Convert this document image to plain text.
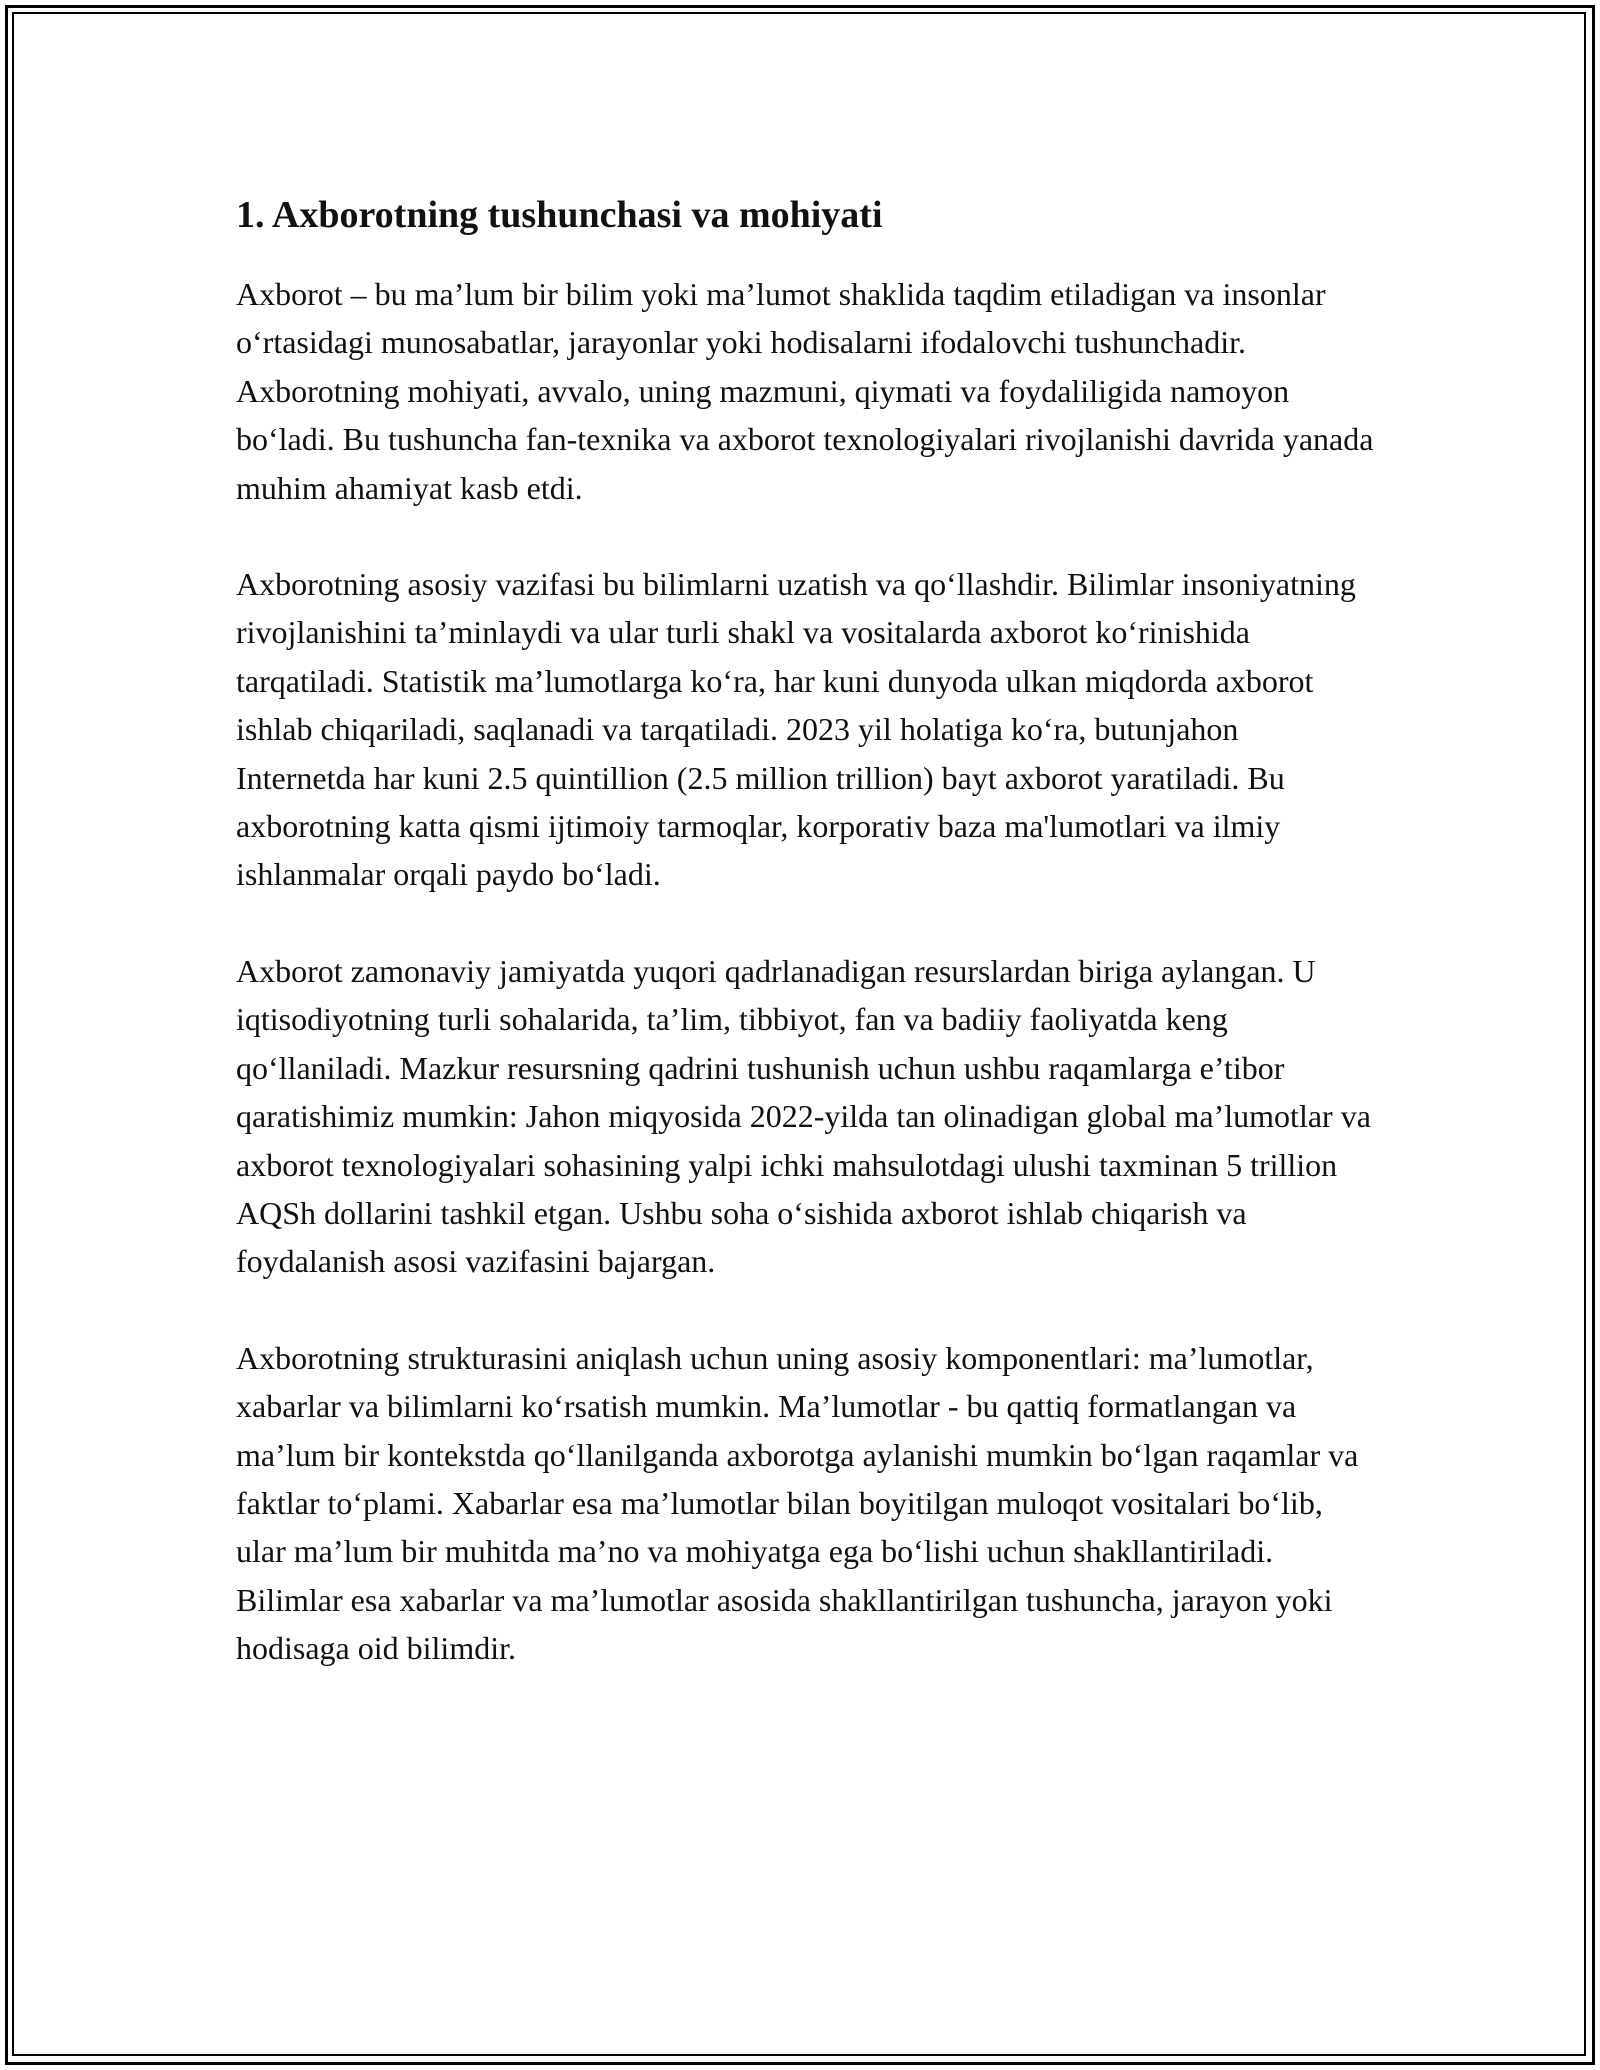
1. Axborotning tushunchasi va mohiyati

Axborot – bu ma’lum bir bilim yoki ma’lumot shaklida taqdim etiladigan va insonlar o‘rtasidagi munosabatlar, jarayonlar yoki hodisalarni ifodalovchi tushunchadir. Axborotning mohiyati, avvalo, uning mazmuni, qiymati va foydaliligida namoyon bo‘ladi. Bu tushuncha fan-texnika va axborot texnologiyalari rivojlanishi davrida yanada muhim ahamiyat kasb etdi.

Axborotning asosiy vazifasi bu bilimlarni uzatish va qo‘llashdir. Bilimlar insoniyatning rivojlanishini ta’minlaydi va ular turli shakl va vositalarda axborot ko‘rinishida tarqatiladi. Statistik ma’lumotlarga ko‘ra, har kuni dunyoda ulkan miqdorda axborot ishlab chiqariladi, saqlanadi va tarqatiladi. 2023 yil holatiga ko‘ra, butunjahon Internetda har kuni 2.5 quintillion (2.5 million trillion) bayt axborot yaratiladi. Bu axborotning katta qismi ijtimoiy tarmoqlar, korporativ baza ma'lumotlari va ilmiy ishlanmalar orqali paydo bo‘ladi.

Axborot zamonaviy jamiyatda yuqori qadrlanadigan resurslardan biriga aylangan. U iqtisodiyotning turli sohalarida, ta’lim, tibbiyot, fan va badiiy faoliyatda keng qo‘llaniladi. Mazkur resursning qadrini tushunish uchun ushbu raqamlarga e’tibor qaratishimiz mumkin: Jahon miqyosida 2022-yilda tan olinadigan global ma’lumotlar va axborot texnologiyalari sohasining yalpi ichki mahsulotdagi ulushi taxminan 5 trillion AQSh dollarini tashkil etgan. Ushbu soha o‘sishida axborot ishlab chiqarish va foydalanish asosi vazifasini bajargan.

Axborotning strukturasini aniqlash uchun uning asosiy komponentlari: ma’lumotlar, xabarlar va bilimlarni ko‘rsatish mumkin. Ma’lumotlar - bu qattiq formatlangan va ma’lum bir kontekstda qo‘llanilganda axborotga aylanishi mumkin bo‘lgan raqamlar va faktlar to‘plami. Xabarlar esa ma’lumotlar bilan boyitilgan muloqot vositalari bo‘lib, ular ma’lum bir muhitda ma’no va mohiyatga ega bo‘lishi uchun shakllantiriladi. Bilimlar esa xabarlar va ma’lumotlar asosida shakllantirilgan tushuncha, jarayon yoki hodisaga oid bilimdir.
